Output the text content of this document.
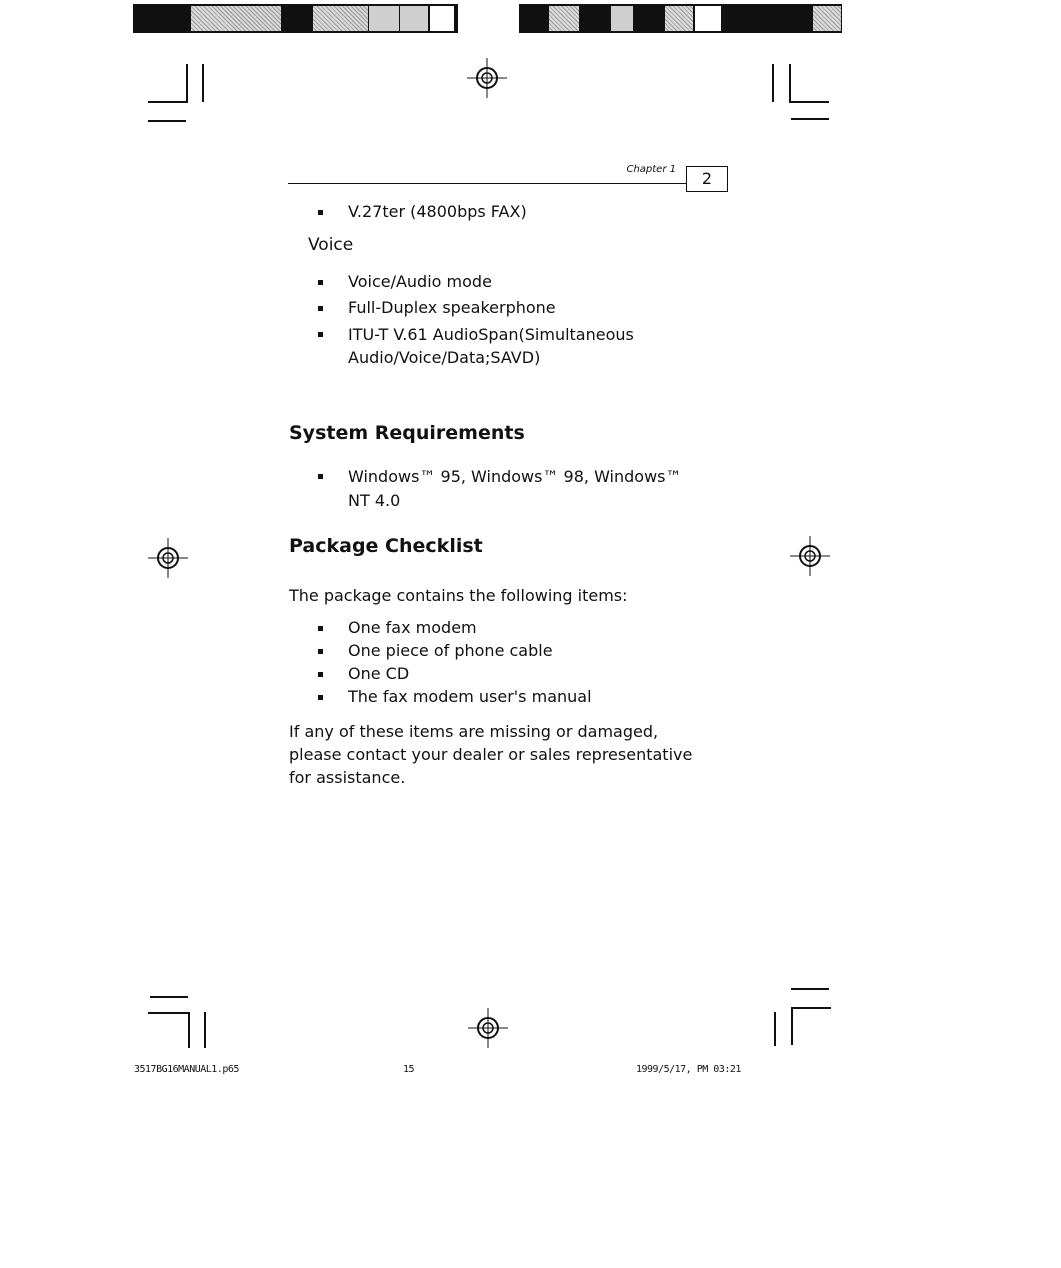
Chapter 1	2
V.27ter (4800bps FAX)
Voice
Voice/Audio mode
Full-Duplex speakerphone
ITU-T V.61 AudioSpan(Simultaneous Audio/Voice/Data;SAVD)
System Requirements
Windows™ 95, Windows™ 98, Windows™ NT 4.0
Package Checklist
The package contains the following items:
One fax modem
One piece of phone cable
One CD
The fax modem user's manual
If any of these items are missing or damaged, please contact your dealer or sales representative for assistance.
3517BG16MANUAL1.p65	15	1999/5/17, PM 03:21
